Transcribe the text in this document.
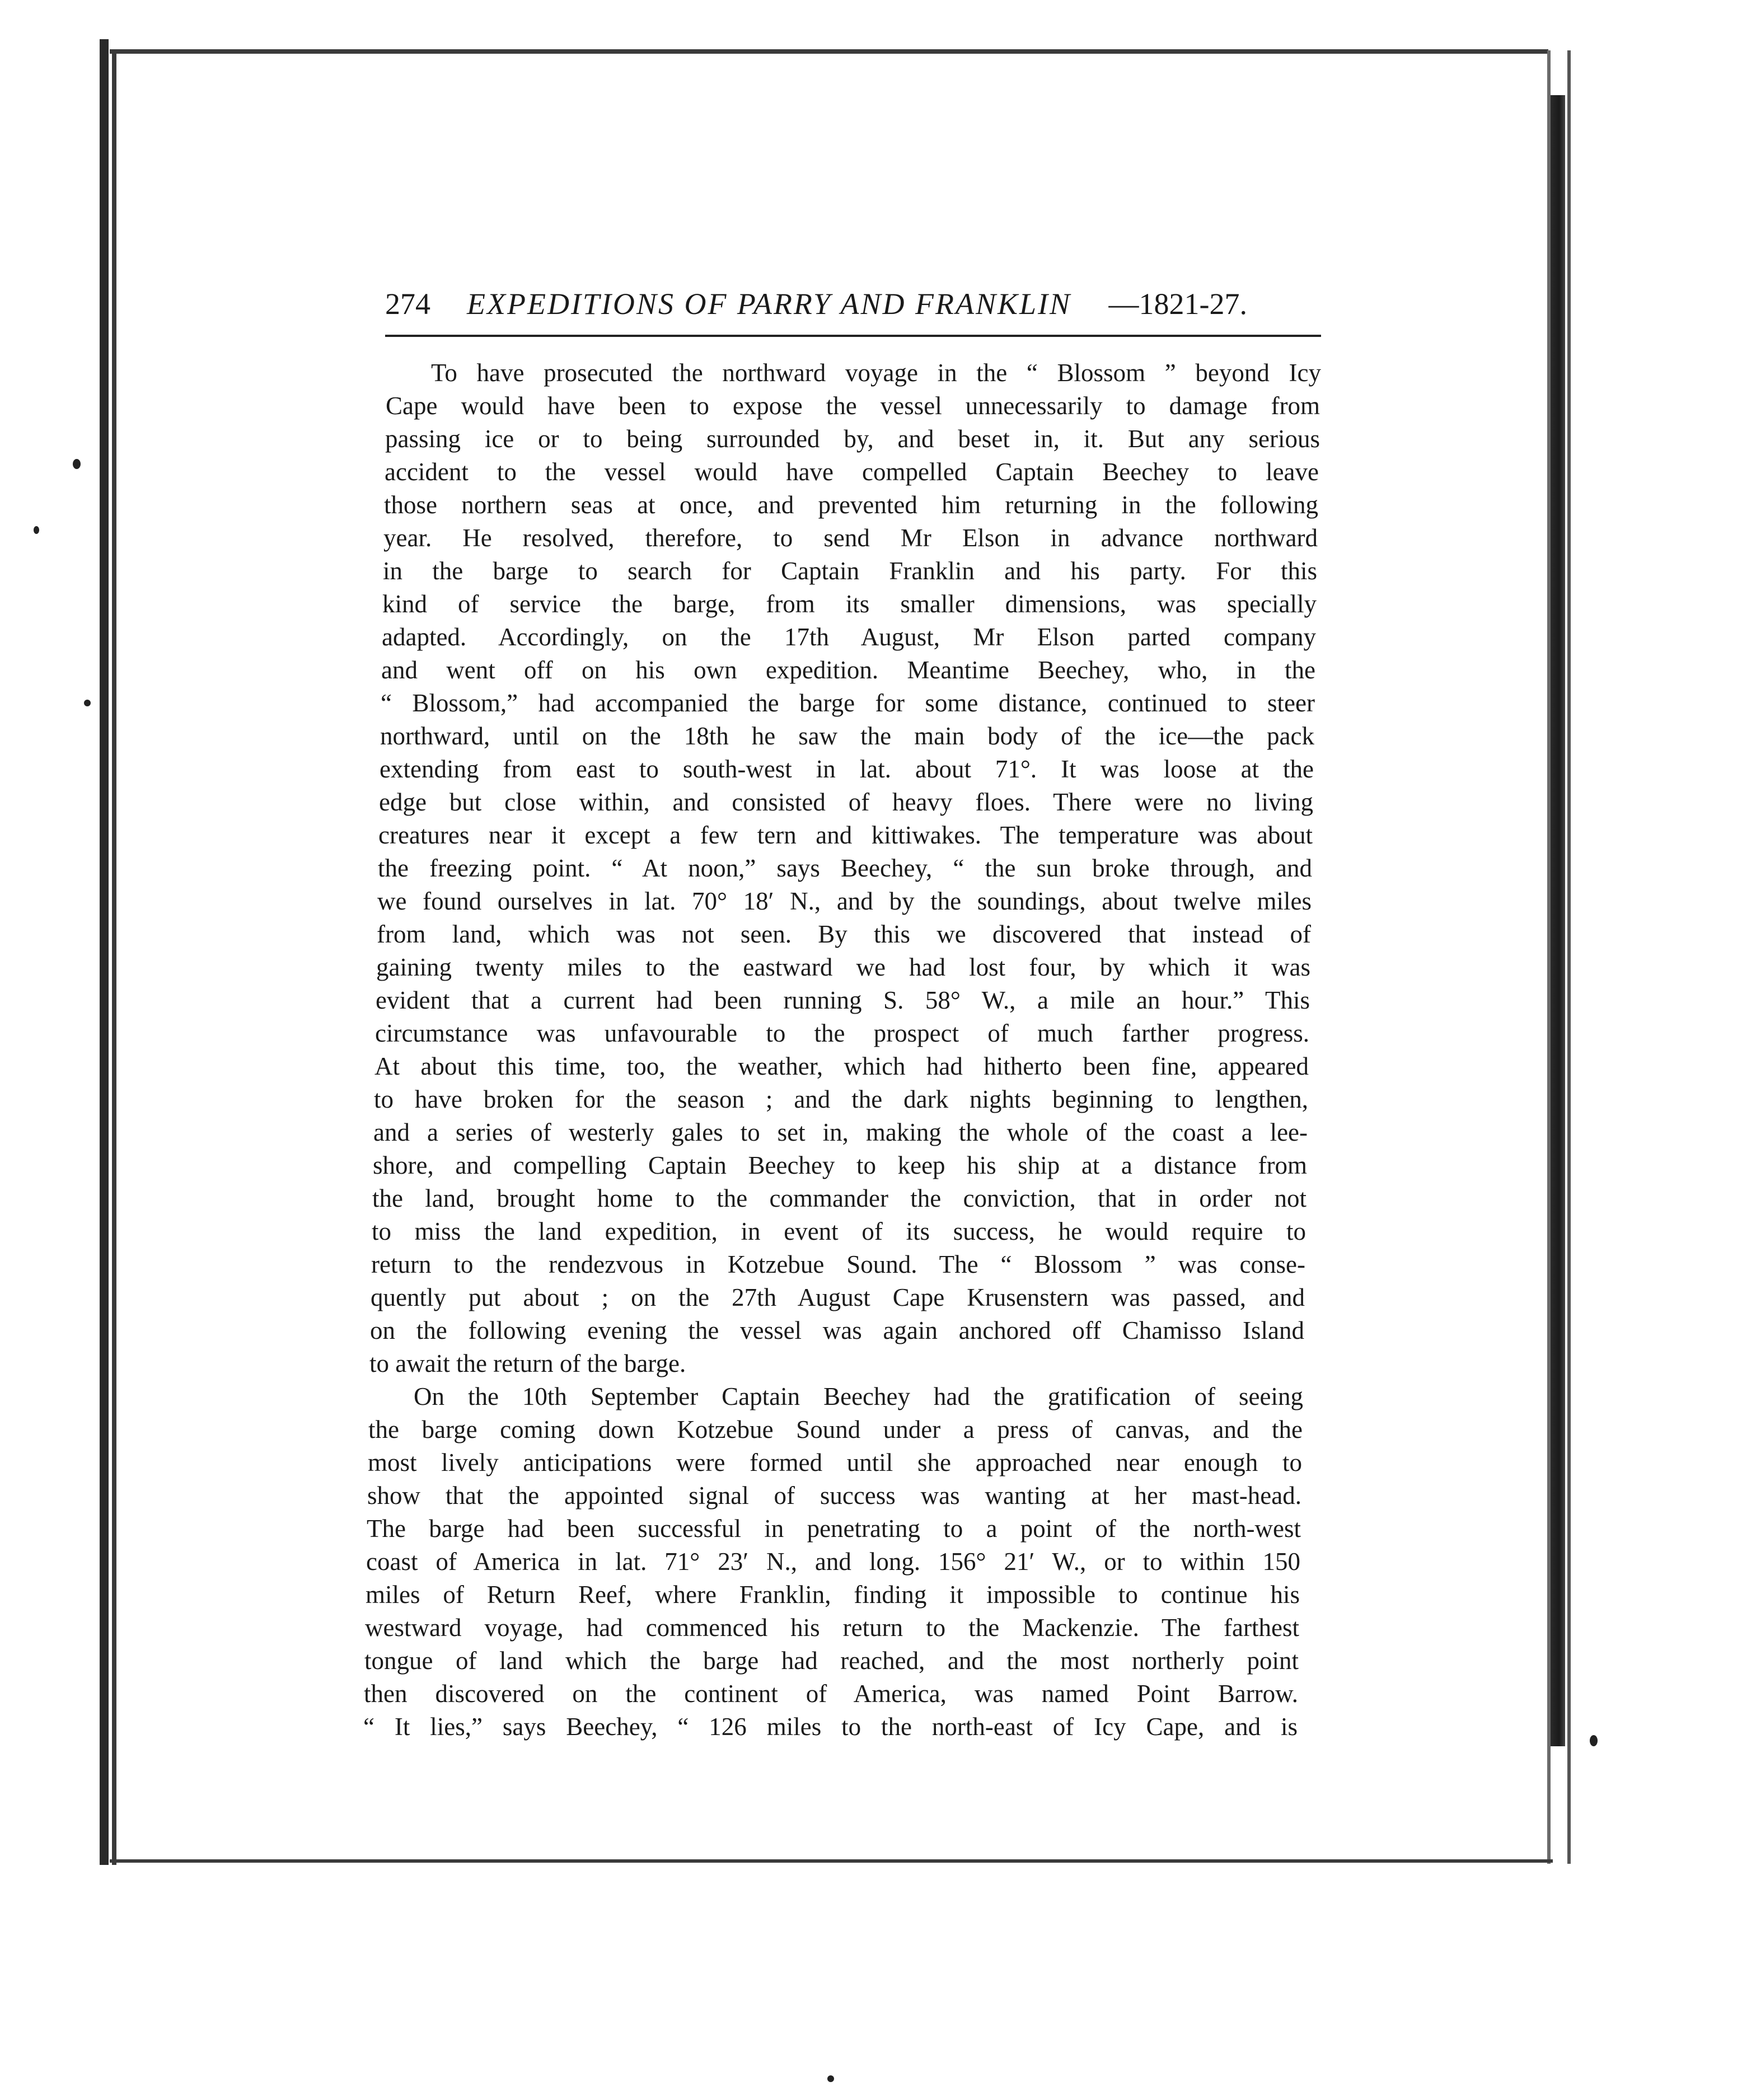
274 EXPEDITIONS OF PARRY AND FRANKLIN —1821-27.
To have prosecuted the northward voyage in the “ Blossom ” beyond Icy
Cape would have been to expose the vessel unnecessarily to damage from
passing ice or to being surrounded by, and beset in, it. But any serious
accident to the vessel would have compelled Captain Beechey to leave
those northern seas at once, and prevented him returning in the following
year. He resolved, therefore, to send Mr Elson in advance northward
in the barge to search for Captain Franklin and his party. For this
kind of service the barge, from its smaller dimensions, was specially
adapted. Accordingly, on the 17th August, Mr Elson parted company
and went off on his own expedition. Meantime Beechey, who, in the
“ Blossom,” had accompanied the barge for some distance, continued to steer
northward, until on the 18th he saw the main body of the ice—the pack
extending from east to south-west in lat. about 71°. It was loose at the
edge but close within, and consisted of heavy floes. There were no living
creatures near it except a few tern and kittiwakes. The temperature was about
the freezing point. “ At noon,” says Beechey, “ the sun broke through, and
we found ourselves in lat. 70° 18′ N., and by the soundings, about twelve miles
from land, which was not seen. By this we discovered that instead of
gaining twenty miles to the eastward we had lost four, by which it was
evident that a current had been running S. 58° W., a mile an hour.” This
circumstance was unfavourable to the prospect of much farther progress.
At about this time, too, the weather, which had hitherto been fine, appeared
to have broken for the season ; and the dark nights beginning to lengthen,
and a series of westerly gales to set in, making the whole of the coast a lee-
shore, and compelling Captain Beechey to keep his ship at a distance from
the land, brought home to the commander the conviction, that in order not
to miss the land expedition, in event of its success, he would require to
return to the rendezvous in Kotzebue Sound. The “ Blossom ” was conse-
quently put about ; on the 27th August Cape Krusenstern was passed, and
on the following evening the vessel was again anchored off Chamisso Island
to await the return of the barge.
On the 10th September Captain Beechey had the gratification of seeing
the barge coming down Kotzebue Sound under a press of canvas, and the
most lively anticipations were formed until she approached near enough to
show that the appointed signal of success was wanting at her mast-head.
The barge had been successful in penetrating to a point of the north-west
coast of America in lat. 71° 23′ N., and long. 156° 21′ W., or to within 150
miles of Return Reef, where Franklin, finding it impossible to continue his
westward voyage, had commenced his return to the Mackenzie. The farthest
tongue of land which the barge had reached, and the most northerly point
then discovered on the continent of America, was named Point Barrow.
“ It lies,” says Beechey, “ 126 miles to the north-east of Icy Cape, and is
